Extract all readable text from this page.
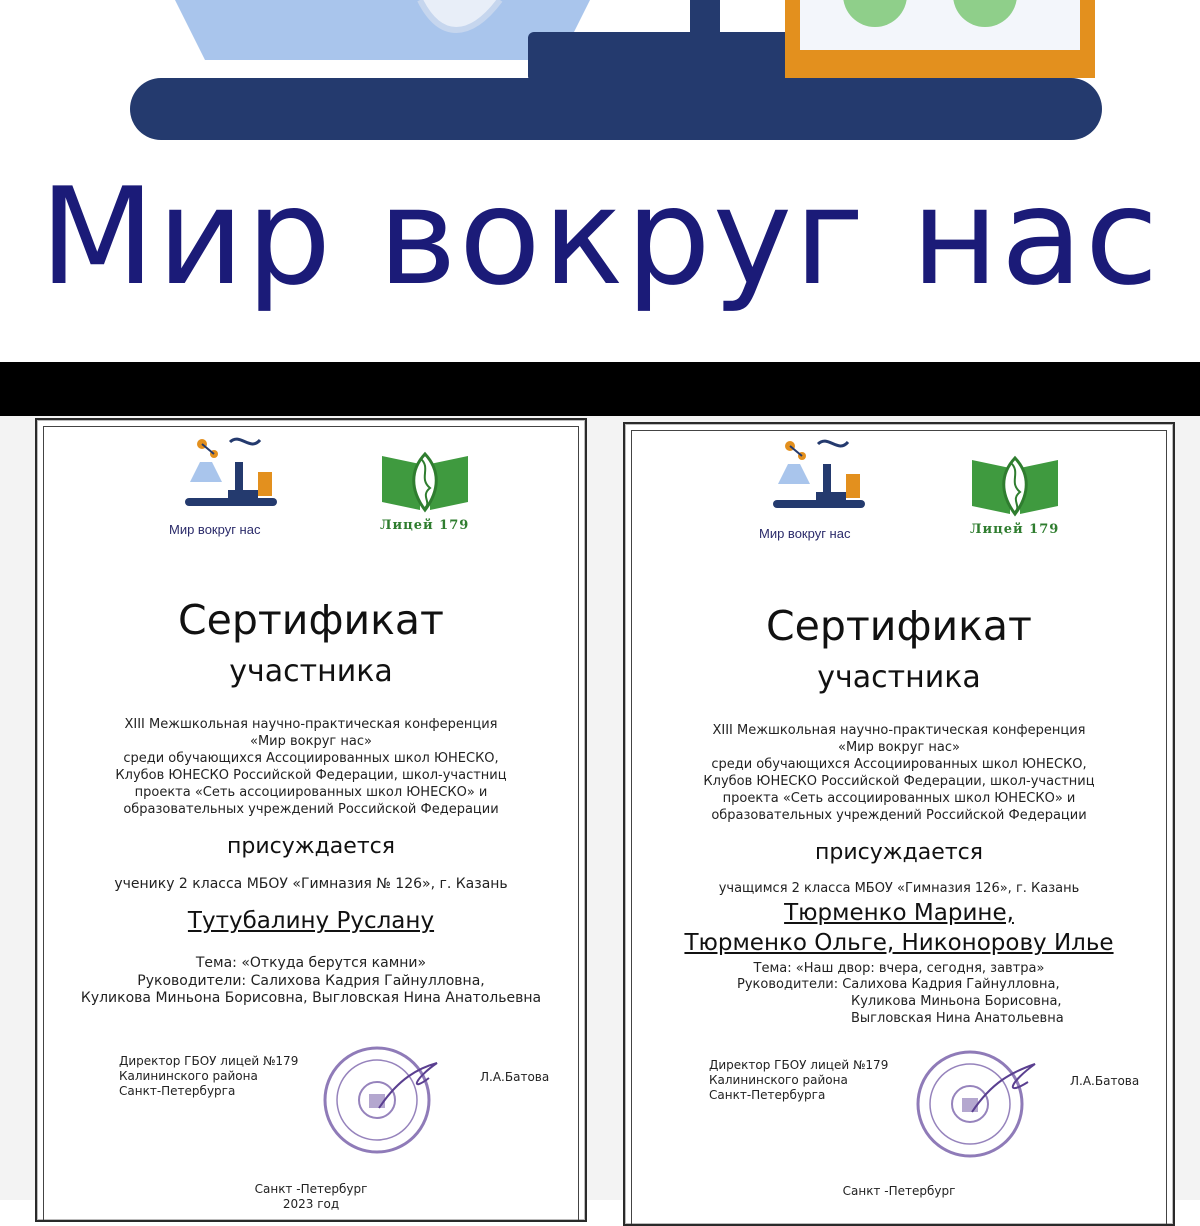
Мир вокруг нас
Мир вокруг нас	Лицей 179
Сертификат
участника
XIII Межшкольная научно-практическая конференция
«Мир вокруг нас»
среди обучающихся Ассоциированных школ ЮНЕСКО,
Клубов ЮНЕСКО Российской Федерации, школ-участниц
проекта «Сеть ассоциированных школ ЮНЕСКО» и
образовательных учреждений Российской Федерации
присуждается
ученику 2 класса МБОУ «Гимназия № 126», г. Казань
Тутубалину Руслану
Тема: «Откуда берутся камни»
Руководители: Салихова Кадрия Гайнулловна,
Куликова Миньона Борисовна, Выгловская Нина Анатольевна
Директор ГБОУ лицей №179
Калининского района
Санкт-Петербурга
Л.А.Батова
Санкт -Петербург
2023 год
Мир вокруг нас	Лицей 179
Сертификат
участника
XIII Межшкольная научно-практическая конференция
«Мир вокруг нас»
среди обучающихся Ассоциированных школ ЮНЕСКО,
Клубов ЮНЕСКО Российской Федерации, школ-участниц
проекта «Сеть ассоциированных школ ЮНЕСКО» и
образовательных учреждений Российской Федерации
присуждается
учащимся 2 класса МБОУ «Гимназия 126», г. Казань
Тюрменко Марине,
Тюрменко Ольге, Никонорову Илье
Тема: «Наш двор: вчера, сегодня, завтра»
Руководители: Салихова Кадрия Гайнулловна,
Куликова Миньона Борисовна,
Выгловская Нина Анатольевна
Директор ГБОУ лицей №179
Калининского района
Санкт-Петербурга
Л.А.Батова
Санкт -Петербург
